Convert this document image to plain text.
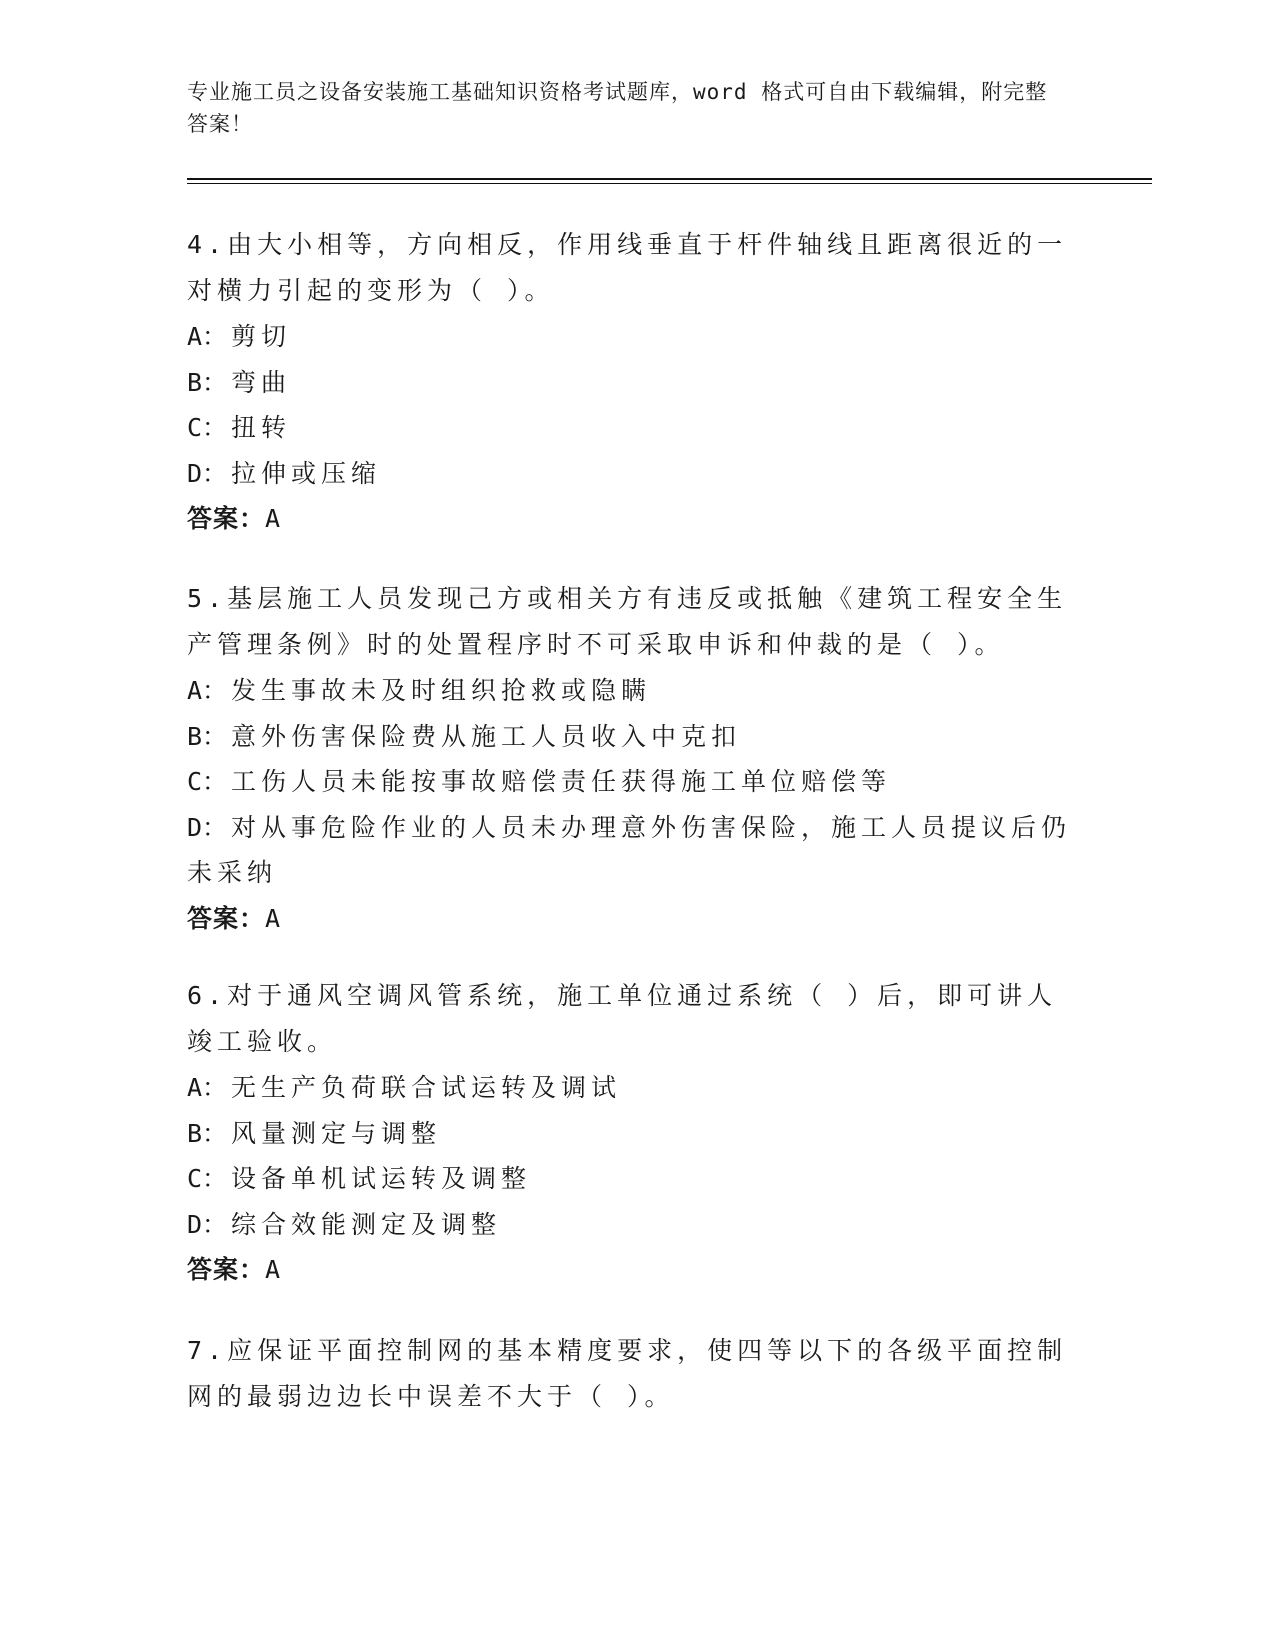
专业施工员之设备安装施工基础知识资格考试题库，word 格式可自由下载编辑，附完整答案！

4.由大小相等，方向相反，作用线垂直于杆件轴线且距离很近的一对横力引起的变形为（ ）。

A： 剪切

B： 弯曲

C： 扭转

D： 拉伸或压缩

答案：A

5.基层施工人员发现己方或相关方有违反或抵触《建筑工程安全生产管理条例》时的处置程序时不可采取申诉和仲裁的是（ ）。

A： 发生事故未及时组织抢救或隐瞒

B： 意外伤害保险费从施工人员收入中克扣

C： 工伤人员未能按事故赔偿责任获得施工单位赔偿等

D： 对从事危险作业的人员未办理意外伤害保险，施工人员提议后仍未采纳

答案：A

6.对于通风空调风管系统，施工单位通过系统（ ）后，即可讲人竣工验收。

A： 无生产负荷联合试运转及调试

B： 风量测定与调整

C： 设备单机试运转及调整

D： 综合效能测定及调整

答案：A

7.应保证平面控制网的基本精度要求，使四等以下的各级平面控制网的最弱边边长中误差不大于（ ）。
